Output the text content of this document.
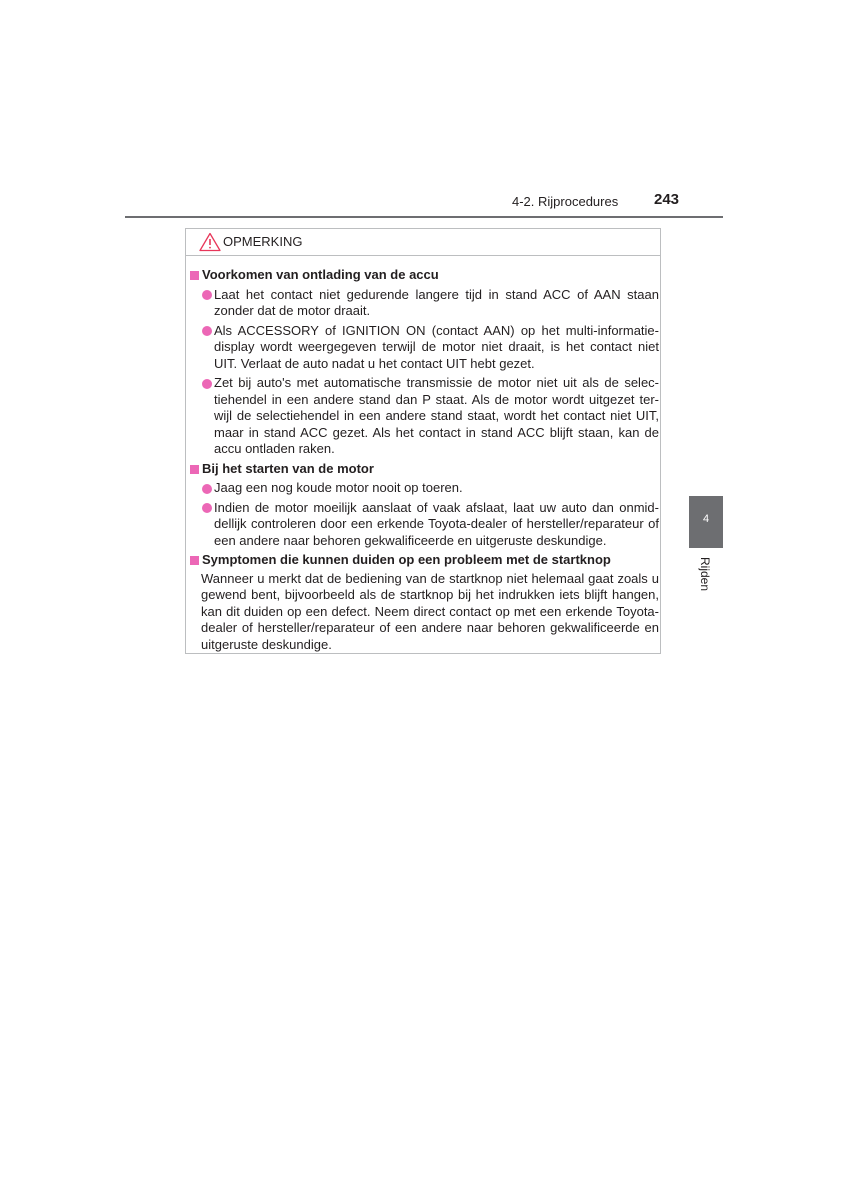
4-2. Rijprocedures 243
OPMERKING
Voorkomen van ontlading van de accu
Laat het contact niet gedurende langere tijd in stand ACC of AAN staan zonder dat de motor draait.
Als ACCESSORY of IGNITION ON (contact AAN) op het multi-informatie-display wordt weergegeven terwijl de motor niet draait, is het contact niet UIT. Verlaat de auto nadat u het contact UIT hebt gezet.
Zet bij auto's met automatische transmissie de motor niet uit als de selec-tiehendel in een andere stand dan P staat. Als de motor wordt uitgezet ter-wijl de selectiehendel in een andere stand staat, wordt het contact niet UIT, maar in stand ACC gezet. Als het contact in stand ACC blijft staan, kan de accu ontladen raken.
Bij het starten van de motor
Jaag een nog koude motor nooit op toeren.
Indien de motor moeilijk aanslaat of vaak afslaat, laat uw auto dan onmid-dellijk controleren door een erkende Toyota-dealer of hersteller/reparateur of een andere naar behoren gekwalificeerde en uitgeruste deskundige.
Symptomen die kunnen duiden op een probleem met de startknop
Wanneer u merkt dat de bediening van de startknop niet helemaal gaat zoals u gewend bent, bijvoorbeeld als de startknop bij het indrukken iets blijft hangen, kan dit duiden op een defect. Neem direct contact op met een erkende Toyota-dealer of hersteller/reparateur of een andere naar behoren gekwalificeerde en uitgeruste deskundige.
4
Rijden
